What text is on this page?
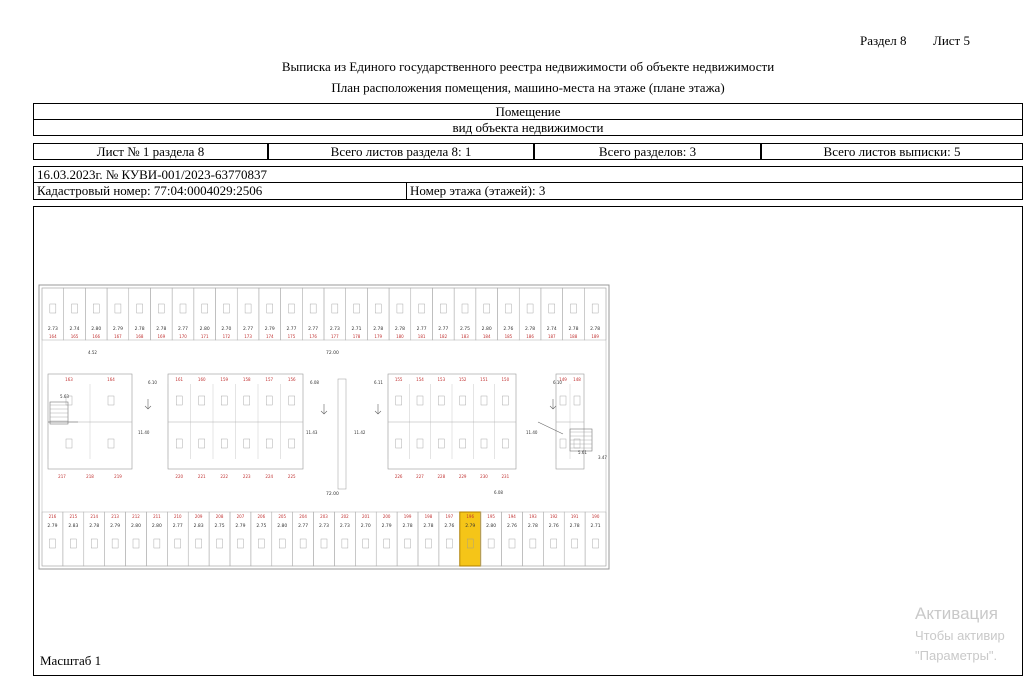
Раздел 8 Лист 5
Выписка из Единого государственного реестра недвижимости об объекте недвижимости
План расположения помещения, машино-места на этаже (плане этажа)
Помещение
вид объекта недвижимости
Лист № 1 раздела 8	Всего листов раздела 8: 1	Всего разделов: 3	Всего листов выписки: 5
16.03.2023г. № КУВИ-001/2023-63770837
Кадастровый номер: 77:04:0004029:2506	Номер этажа (этажей): 3
2.73
164
2.74
165
2.80
166
2.79
167
2.78
168
2.78
169
2.77
170
2.80
171
2.70
172
2.77
173
2.79
174
2.77
175
2.77
176
2.73
177
2.71
178
2.78
179
2.78
180
2.77
181
2.77
182
2.75
183
2.80
184
2.76
185
2.78
186
2.74
187
2.78
188
2.78
189
216
2.79
215
2.83
214
2.78
213
2.79
212
2.80
211
2.80
210
2.77
209
2.83
208
2.75
207
2.79
206
2.75
205
2.80
204
2.77
203
2.73
202
2.73
201
2.70
200
2.79
199
2.78
198
2.78
197
2.76
196
2.79
195
2.80
194
2.76
193
2.78
192
2.76
191
2.78
190
2.71
163	164
217	218	219
161	160	159	158	157	156
220	221	222	223	224	225
155	154	153	152	151	150
226	227	228	229	230	231
149 148
72.00
72.00
6.10	6.08	6.11	6.10
11.40	11.43	11.42	11.40
5.61
5.63
4.52
3.47
6.08
Масштаб 1
Активация
Чтобы активир
"Параметры".
